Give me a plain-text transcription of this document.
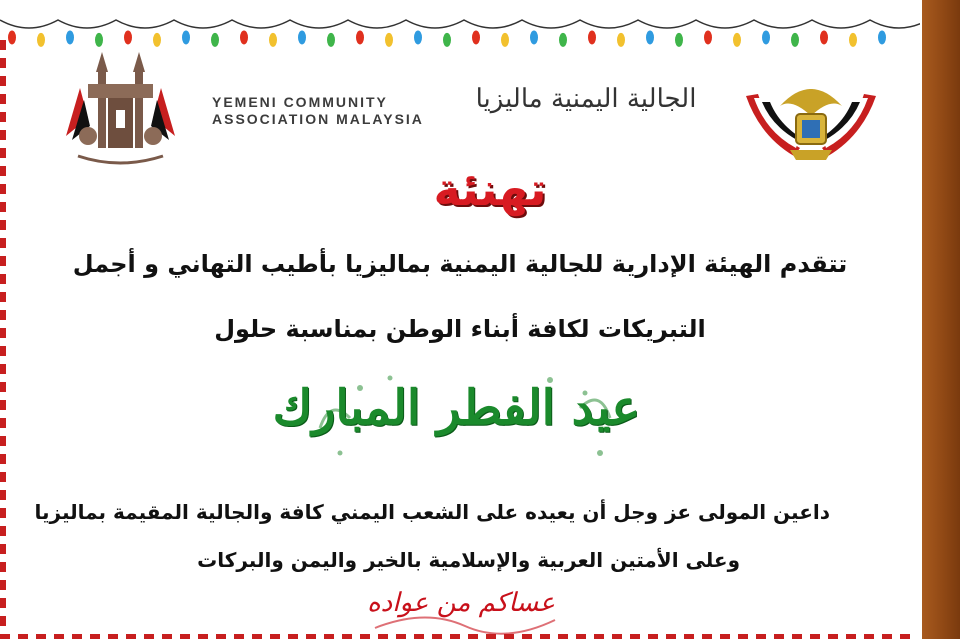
YEMENI COMMUNITY
ASSOCIATION MALAYSIA
الجالية اليمنية ماليزيا
تهنئة
تتقدم الهيئة الإدارية للجالية اليمنية بماليزيا بأطيب التهاني و أجمل
التبريكات لكافة أبناء الوطن بمناسبة حلول
عيد الفطر المبارك
داعين المولى عز وجل أن يعيده على الشعب اليمني كافة والجالية المقيمة بماليزيا
وعلى الأمتين العربية والإسلامية بالخير واليمن والبركات
عساكم من عواده
